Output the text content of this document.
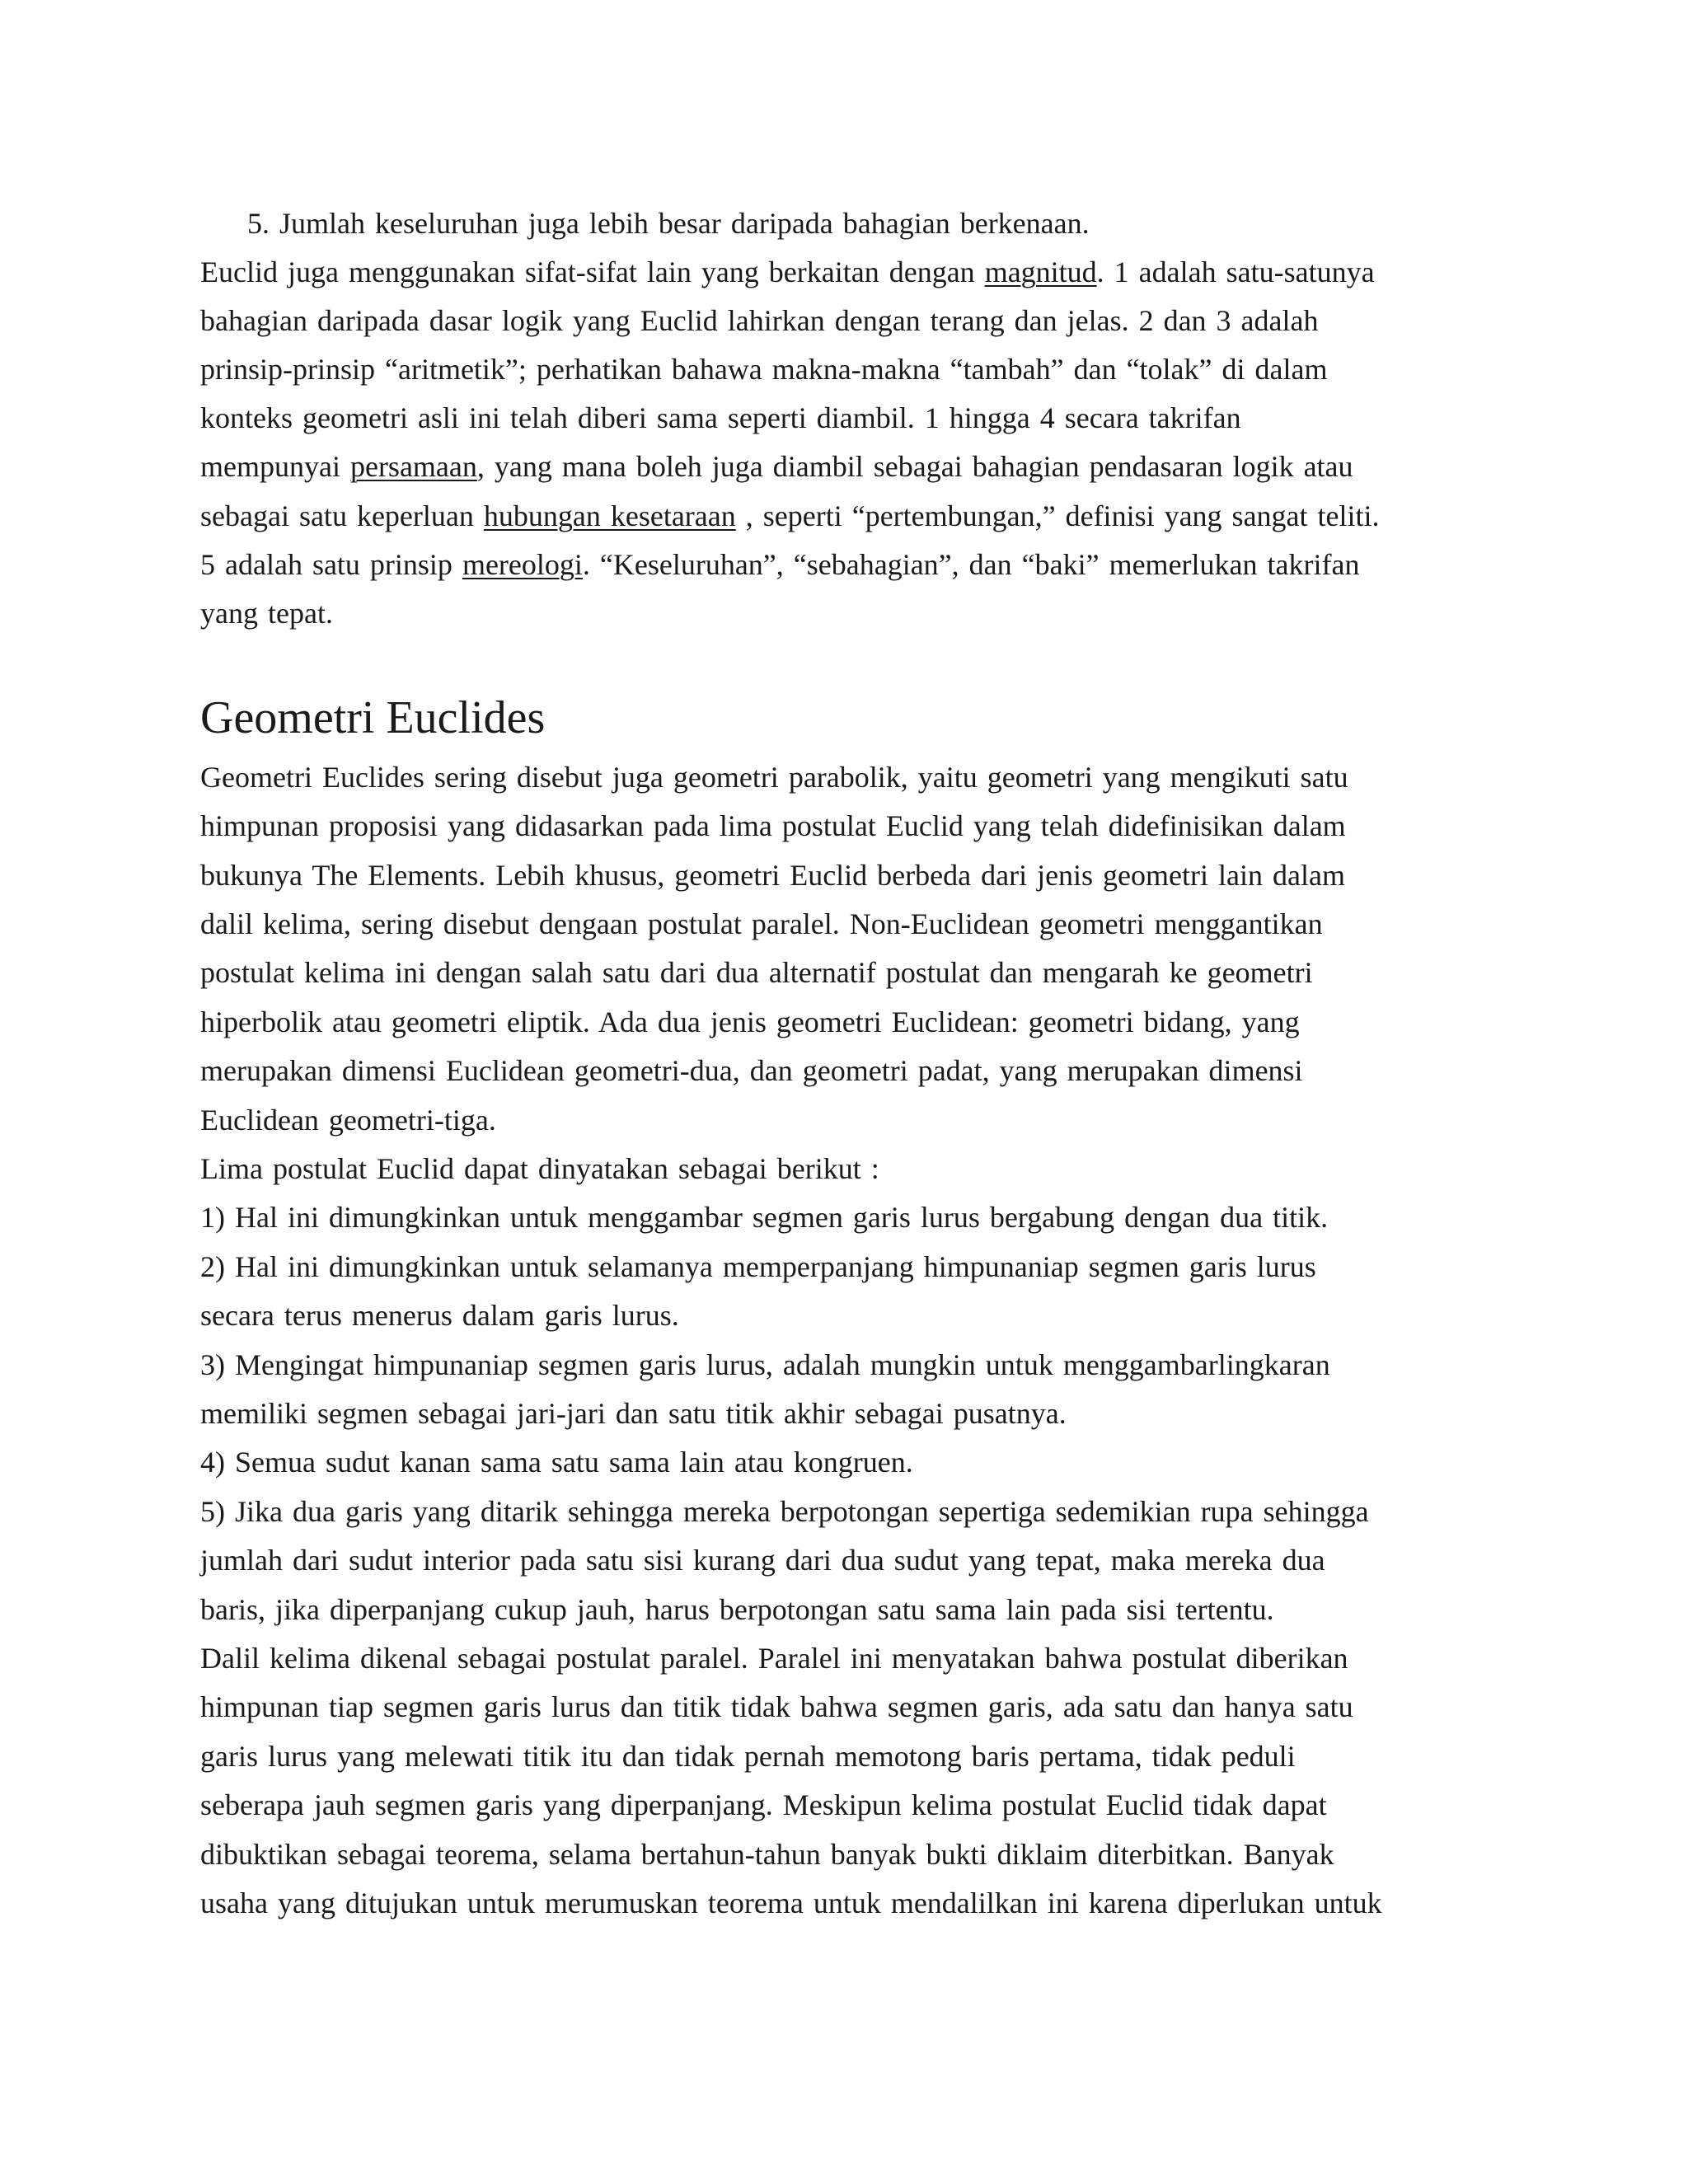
5. Jumlah keseluruhan juga lebih besar daripada bahagian berkenaan.
Euclid juga menggunakan sifat-sifat lain yang berkaitan dengan magnitud. 1 adalah satu-satunya
bahagian daripada dasar logik yang Euclid lahirkan dengan terang dan jelas. 2 dan 3 adalah
prinsip-prinsip “aritmetik”; perhatikan bahawa makna-makna “tambah” dan “tolak” di dalam
konteks geometri asli ini telah diberi sama seperti diambil. 1 hingga 4 secara takrifan
mempunyai persamaan, yang mana boleh juga diambil sebagai bahagian pendasaran logik atau
sebagai satu keperluan hubungan kesetaraan , seperti “pertembungan,” definisi yang sangat teliti.
5 adalah satu prinsip mereologi. “Keseluruhan”, “sebahagian”, dan “baki” memerlukan takrifan
yang tepat.
Geometri Euclides
Geometri Euclides sering disebut juga geometri parabolik, yaitu geometri yang mengikuti satu
himpunan proposisi yang didasarkan pada lima postulat Euclid yang telah didefinisikan dalam
bukunya The Elements. Lebih khusus, geometri Euclid berbeda dari jenis geometri lain dalam
dalil kelima, sering disebut dengaan postulat paralel. Non-Euclidean geometri menggantikan
postulat kelima ini dengan salah satu dari dua alternatif postulat dan mengarah ke geometri
hiperbolik atau geometri eliptik. Ada dua jenis geometri Euclidean: geometri bidang, yang
merupakan dimensi Euclidean geometri-dua, dan geometri padat, yang merupakan dimensi
Euclidean geometri-tiga.
Lima postulat Euclid dapat dinyatakan sebagai berikut :
1) Hal ini dimungkinkan untuk menggambar segmen garis lurus bergabung dengan dua titik.
2) Hal ini dimungkinkan untuk selamanya memperpanjang himpunaniap segmen garis lurus
secara terus menerus dalam garis lurus.
3) Mengingat himpunaniap segmen garis lurus, adalah mungkin untuk menggambarlingkaran
memiliki segmen sebagai jari-jari dan satu titik akhir sebagai pusatnya.
4) Semua sudut kanan sama satu sama lain atau kongruen.
5) Jika dua garis yang ditarik sehingga mereka berpotongan sepertiga sedemikian rupa sehingga
jumlah dari sudut interior pada satu sisi kurang dari dua sudut yang tepat, maka mereka dua
baris, jika diperpanjang cukup jauh, harus berpotongan satu sama lain pada sisi tertentu.
Dalil kelima dikenal sebagai postulat paralel. Paralel ini menyatakan bahwa postulat diberikan
himpunan tiap segmen garis lurus dan titik tidak bahwa segmen garis, ada satu dan hanya satu
garis lurus yang melewati titik itu dan tidak pernah memotong baris pertama, tidak peduli
seberapa jauh segmen garis yang diperpanjang. Meskipun kelima postulat Euclid tidak dapat
dibuktikan sebagai teorema, selama bertahun-tahun banyak bukti diklaim diterbitkan. Banyak
usaha yang ditujukan untuk merumuskan teorema untuk mendalilkan ini karena diperlukan untuk
